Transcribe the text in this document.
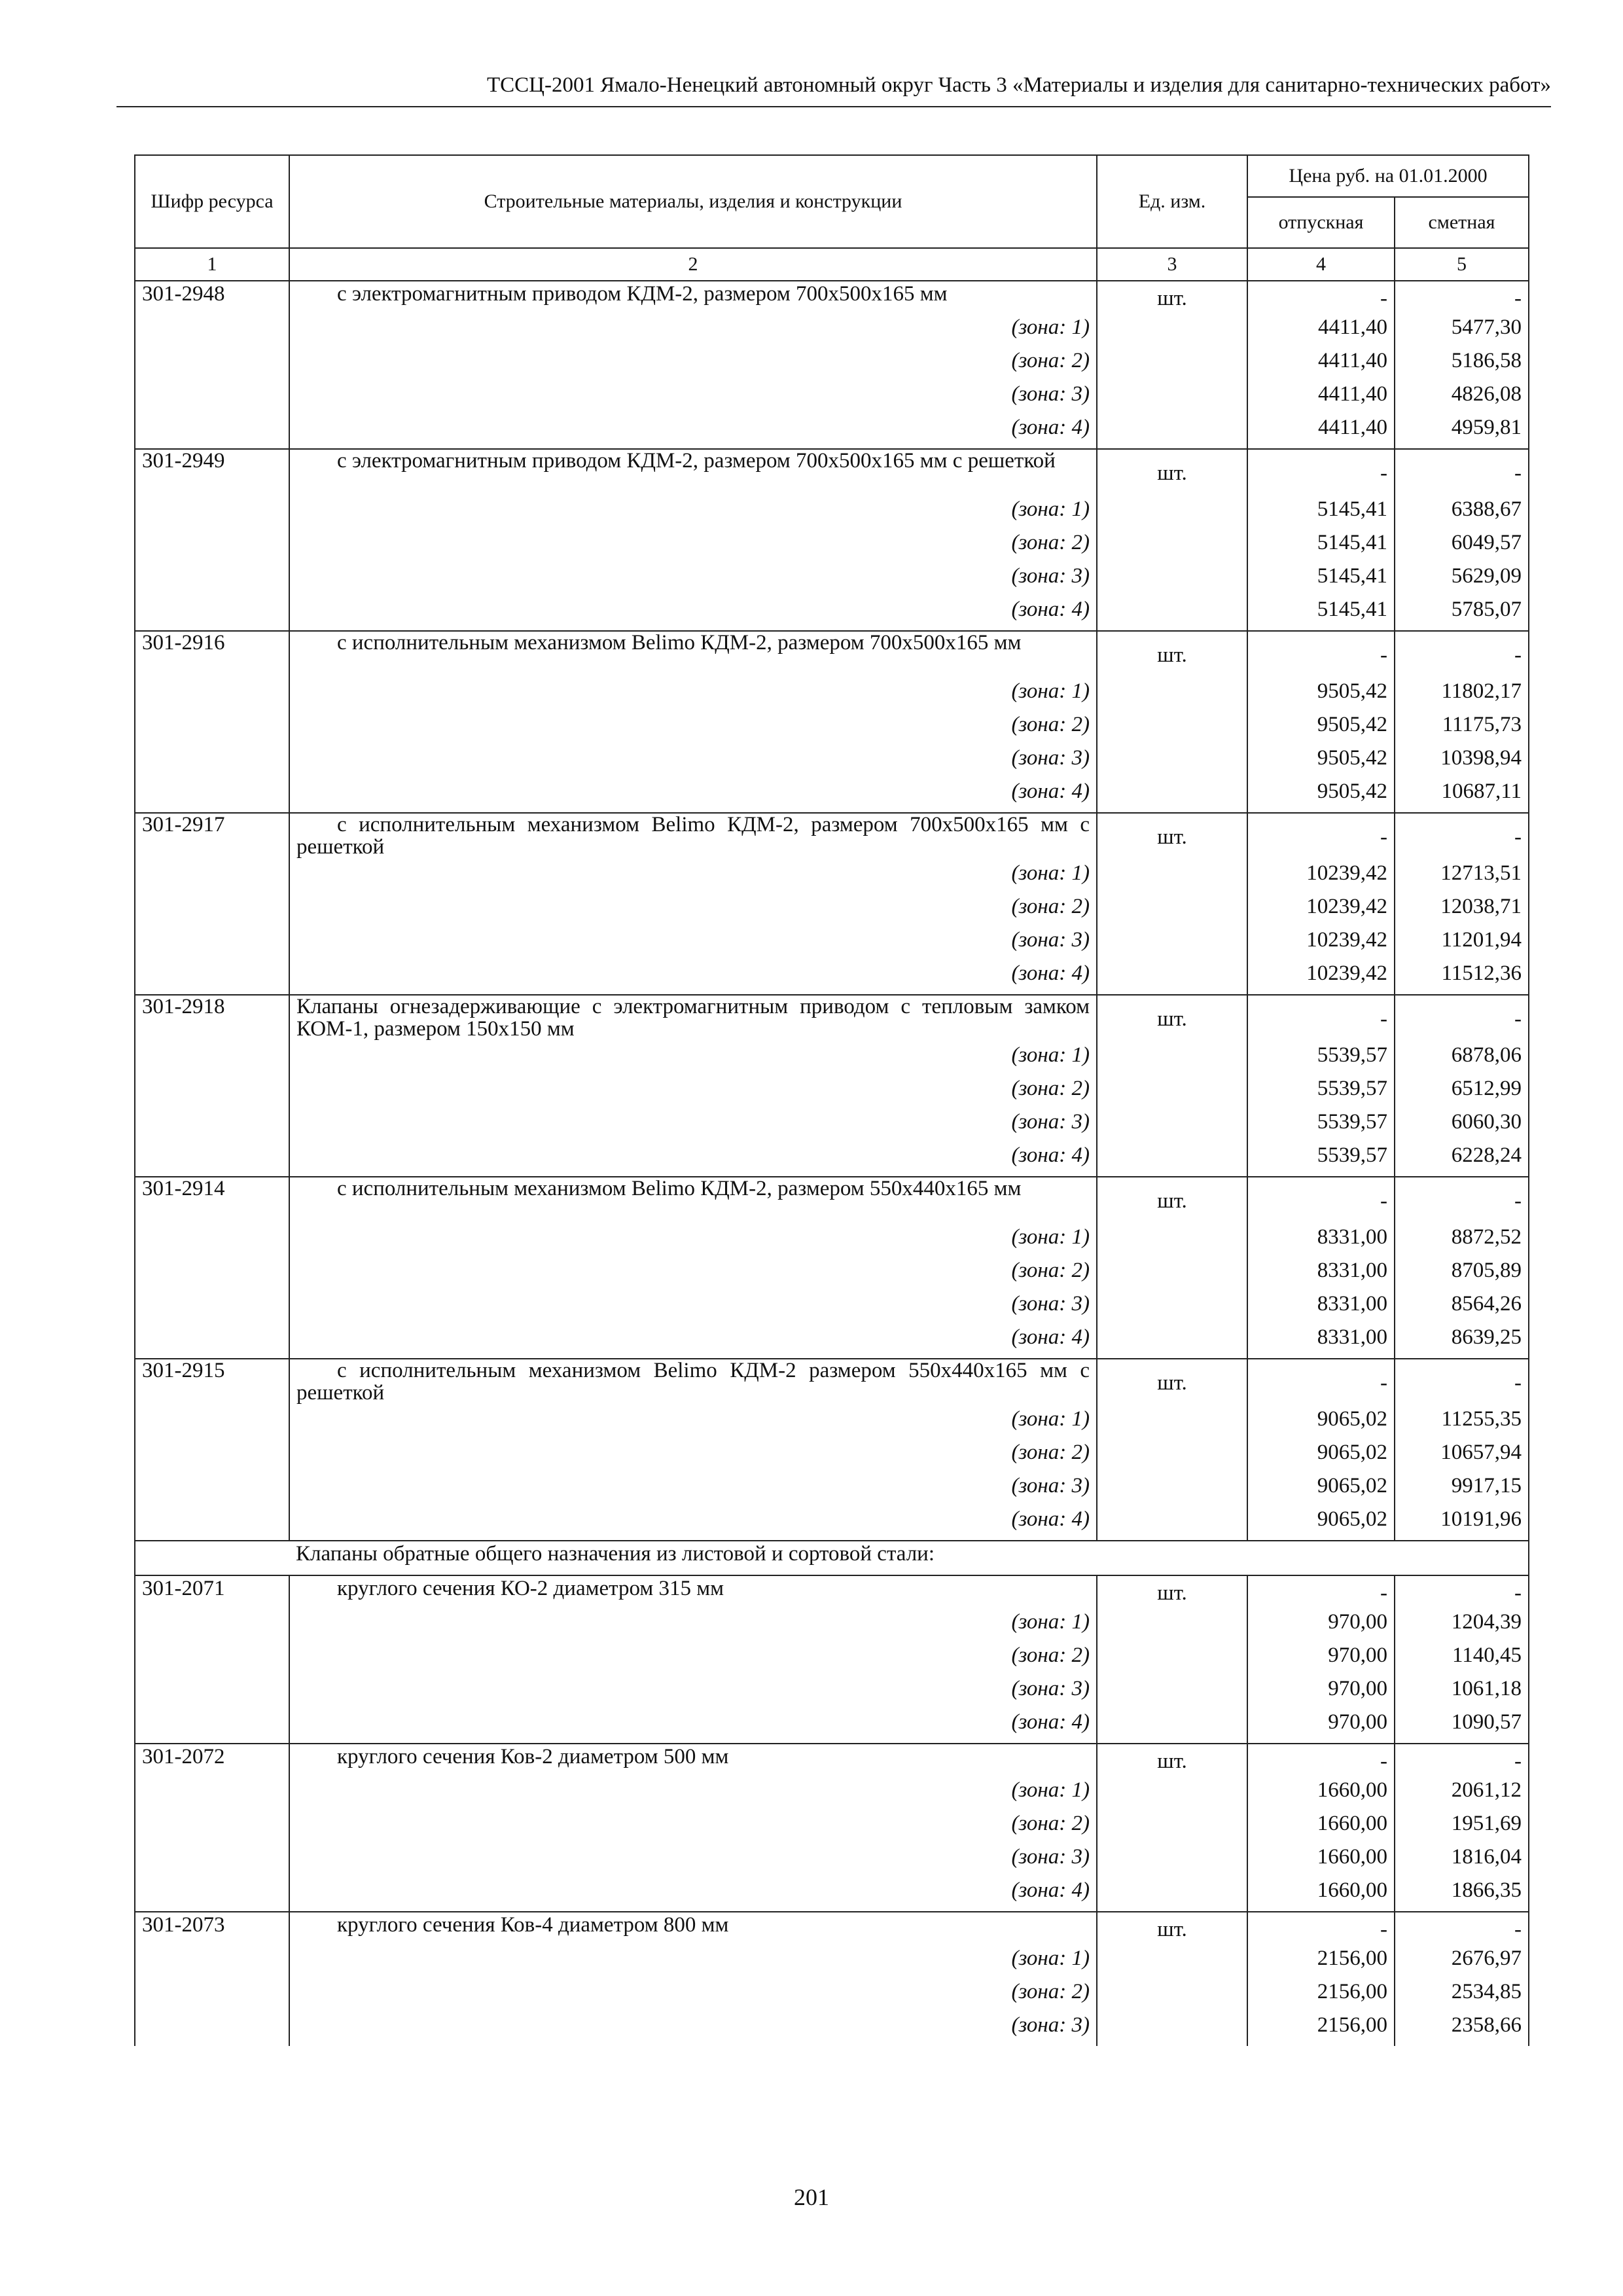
ТССЦ-2001 Ямало-Ненецкий автономный округ Часть 3 «Материалы и изделия для санитарно-технических работ»
Шифр ресурса	Строительные материалы, изделия и конструкции	Ед. изм.	Цена руб. на 01.01.2000	
			отпускная	сметная
1	2	3	4	5
301-2948	с электромагнитным приводом КДМ-2, размером 700х500х165 мм	шт.	-	-
	(зона: 1)		4411,40	5477,30
	(зона: 2)		4411,40	5186,58
	(зона: 3)		4411,40	4826,08
	(зона: 4)		4411,40	4959,81
301-2949	с электромагнитным приводом КДМ-2, размером 700х500х165 мм с решеткой	шт.	-	-
	(зона: 1)		5145,41	6388,67
	(зона: 2)		5145,41	6049,57
	(зона: 3)		5145,41	5629,09
	(зона: 4)		5145,41	5785,07
301-2916	с исполнительным механизмом Belimo КДМ-2, размером 700х500х165 мм	шт.	-	-
	(зона: 1)		9505,42	11802,17
	(зона: 2)		9505,42	11175,73
	(зона: 3)		9505,42	10398,94
	(зона: 4)		9505,42	10687,11
301-2917	с исполнительным механизмом Belimo КДМ-2, размером 700х500х165 мм с решеткой	шт.	-	-
	(зона: 1)		10239,42	12713,51
	(зона: 2)		10239,42	12038,71
	(зона: 3)		10239,42	11201,94
	(зона: 4)		10239,42	11512,36
301-2918	Клапаны огнезадерживающие с электромагнитным приводом с тепловым замком КОМ-1, размером 150х150 мм	шт.	-	-
	(зона: 1)		5539,57	6878,06
	(зона: 2)		5539,57	6512,99
	(зона: 3)		5539,57	6060,30
	(зона: 4)		5539,57	6228,24
301-2914	с исполнительным механизмом Belimo КДМ-2, размером 550х440х165 мм	шт.	-	-
	(зона: 1)		8331,00	8872,52
	(зона: 2)		8331,00	8705,89
	(зона: 3)		8331,00	8564,26
	(зона: 4)		8331,00	8639,25
301-2915	с исполнительным механизмом Belimo КДМ-2 размером 550х440х165 мм с решеткой	шт.	-	-
	(зона: 1)		9065,02	11255,35
	(зона: 2)		9065,02	10657,94
	(зона: 3)		9065,02	9917,15
	(зона: 4)		9065,02	10191,96
	Клапаны обратные общего назначения из листовой и сортовой стали:			
301-2071	круглого сечения КО-2 диаметром 315 мм	шт.	-	-
	(зона: 1)		970,00	1204,39
	(зона: 2)		970,00	1140,45
	(зона: 3)		970,00	1061,18
	(зона: 4)		970,00	1090,57
301-2072	круглого сечения Ков-2 диаметром 500 мм	шт.	-	-
	(зона: 1)		1660,00	2061,12
	(зона: 2)		1660,00	1951,69
	(зона: 3)		1660,00	1816,04
	(зона: 4)		1660,00	1866,35
301-2073	круглого сечения Ков-4 диаметром 800 мм	шт.	-	-
	(зона: 1)		2156,00	2676,97
	(зона: 2)		2156,00	2534,85
	(зона: 3)		2156,00	2358,66
201
